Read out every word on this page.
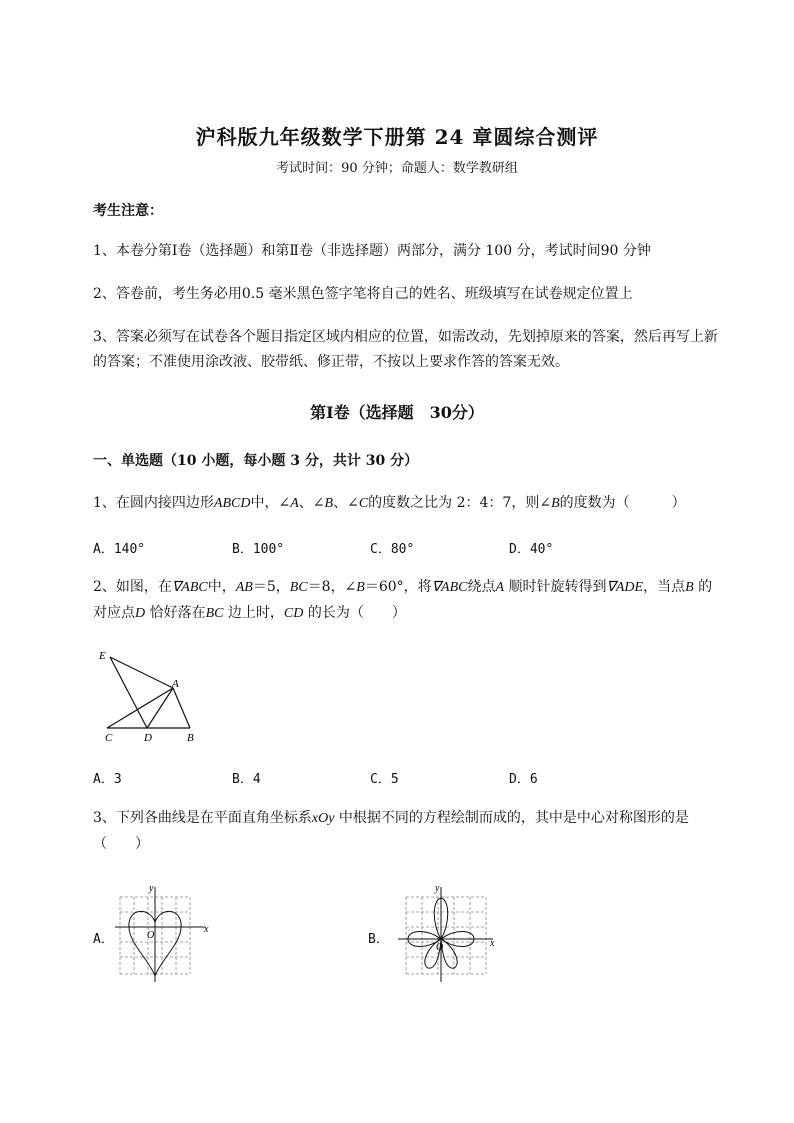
沪科版九年级数学下册第 24 章圆综合测评
考试时间：90 分钟；命题人：数学教研组
考生注意：
1、本卷分第Ⅰ卷（选择题）和第Ⅱ卷（非选择题）两部分，满分 100 分，考试时间90 分钟
2、答卷前，考生务必用0.5 毫米黑色签字笔将自己的姓名、班级填写在试卷规定位置上
3、答案必须写在试卷各个题目指定区域内相应的位置，如需改动，先划掉原来的答案，然后再写上新
的答案；不准使用涂改液、胶带纸、修正带，不按以上要求作答的答案无效。
第Ⅰ卷（选择题　30分）
一、单选题（10 小题，每小题 3 分，共计 30 分）
1、在圆内接四边形ABCD中，∠A、∠B、∠C的度数之比为 2：4：7，则∠B的度数为（　　　）
A．140°	B．100°	C．80°	D．40°
2、如图，在∇ABC中，AB＝5，BC＝8，∠B＝60°，将∇ABC绕点A 顺时针旋转得到∇ADE，当点B 的
对应点D 恰好落在BC 边上时，CD 的长为（　　）
E
A
C	D	B
A．3	B．4	C．5	D．6
3、下列各曲线是在平面直角坐标系xOy 中根据不同的方程绘制而成的，其中是中心对称图形的是
（　　）
A．
y
x
O	B．
y
x
O
